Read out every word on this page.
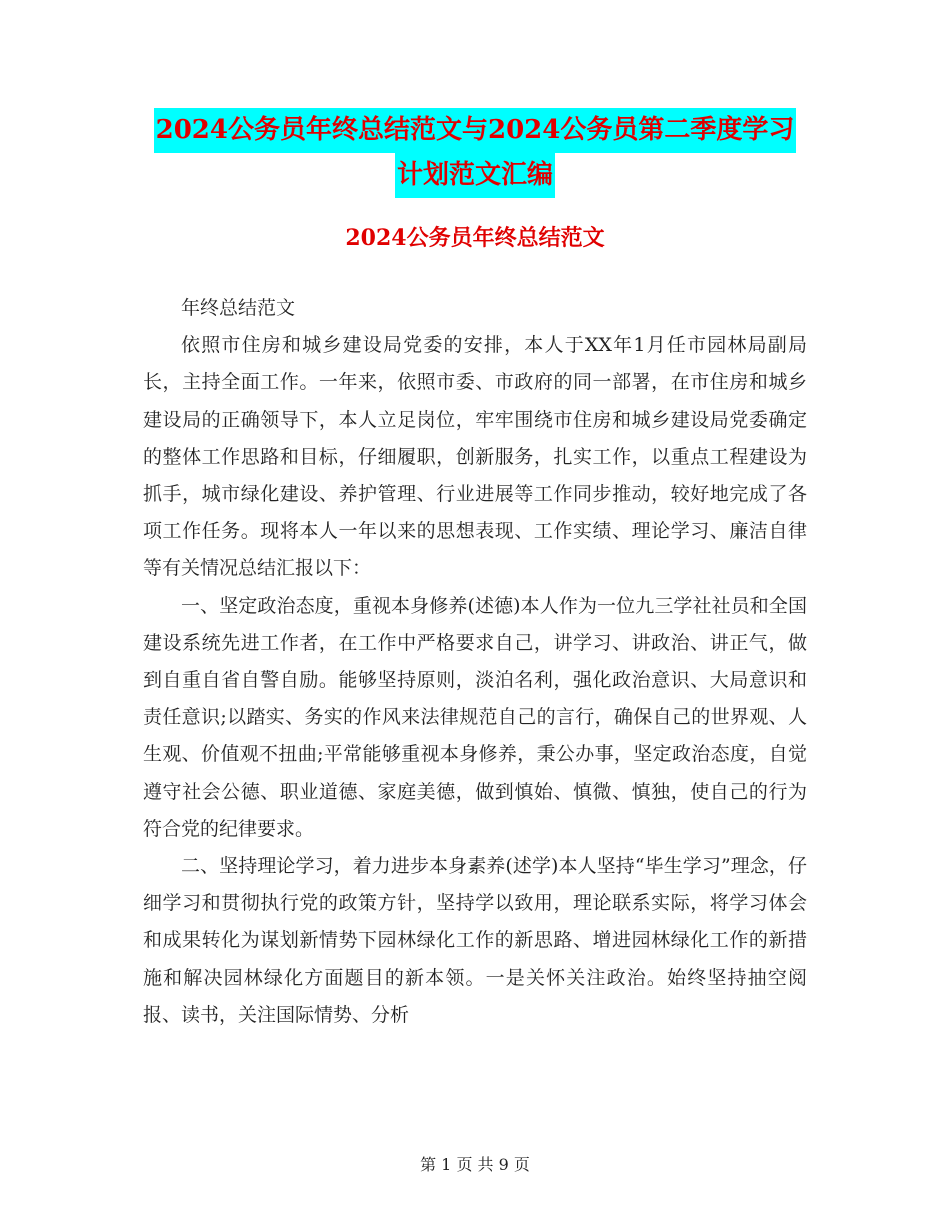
2024公务员年终总结范文与2024公务员第二季度学习
计划范文汇编
2024公务员年终总结范文

年终总结范文

依照市住房和城乡建设局党委的安排，本人于XX年1月任市园林局副局长，主持全面工作。一年来，依照市委、市政府的同一部署，在市住房和城乡建设局的正确领导下，本人立足岗位，牢牢围绕市住房和城乡建设局党委确定的整体工作思路和目标，仔细履职，创新服务，扎实工作，以重点工程建设为抓手，城市绿化建设、养护管理、行业进展等工作同步推动，较好地完成了各项工作任务。现将本人一年以来的思想表现、工作实绩、理论学习、廉洁自律等有关情况总结汇报以下：

一、坚定政治态度，重视本身修养(述德)本人作为一位九三学社社员和全国建设系统先进工作者，在工作中严格要求自己，讲学习、讲政治、讲正气，做到自重自省自警自励。能够坚持原则，淡泊名利，强化政治意识、大局意识和责任意识;以踏实、务实的作风来法律规范自己的言行，确保自己的世界观、人生观、价值观不扭曲;平常能够重视本身修养，秉公办事，坚定政治态度，自觉遵守社会公德、职业道德、家庭美德，做到慎始、慎微、慎独，使自己的行为符合党的纪律要求。

二、坚持理论学习，着力进步本身素养(述学)本人坚持“毕生学习”理念，仔细学习和贯彻执行党的政策方针，坚持学以致用，理论联系实际，将学习体会和成果转化为谋划新情势下园林绿化工作的新思路、增进园林绿化工作的新措施和解决园林绿化方面题目的新本领。一是关怀关注政治。始终坚持抽空阅报、读书，关注国际情势、分析

第 1 页 共 9 页
